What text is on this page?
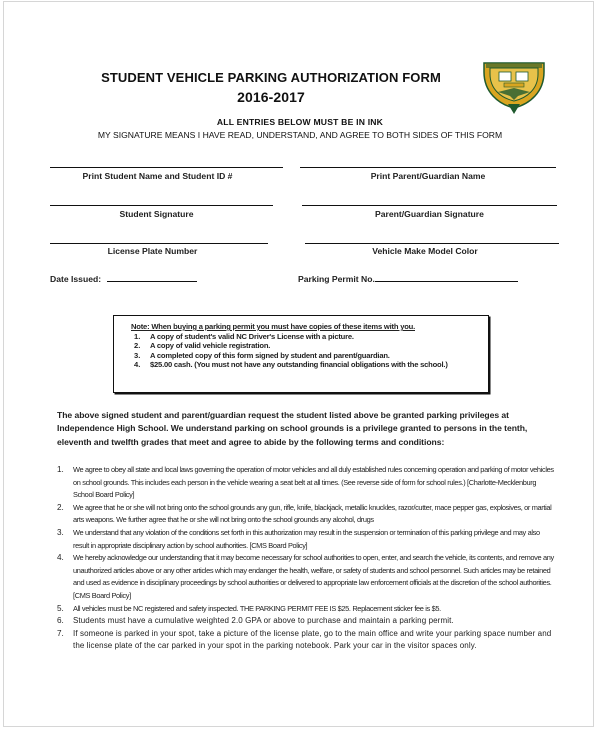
STUDENT VEHICLE PARKING AUTHORIZATION FORM
2016-2017
ALL ENTRIES BELOW MUST BE IN INK
MY SIGNATURE MEANS I HAVE READ, UNDERSTAND, AND AGREE TO BOTH SIDES OF THIS FORM
Print Student Name and Student ID #	Print Parent/Guardian Name
Student Signature	Parent/Guardian Signature
License Plate Number	Vehicle Make Model Color
Date Issued:	Parking Permit No.
Note: When buying a parking permit you must have copies of these items with you.
1.	A copy of student's valid NC Driver's License with a picture.
2.	A copy of valid vehicle registration.
3.	A completed copy of this form signed by student and parent/guardian.
4.	$25.00 cash. (You must not have any outstanding financial obligations with the school.)
The above signed student and parent/guardian request the student listed above be granted parking privileges at Independence High School. We understand parking on school grounds is a privilege granted to persons in the tenth, eleventh and twelfth grades that meet and agree to abide by the following terms and conditions:
1.	We agree to obey all state and local laws governing the operation of motor vehicles and all duly established rules concerning operation and parking of motor vehicles on school grounds. This includes each person in the vehicle wearing a seat belt at all times. (See reverse side of form for school rules.) [Charlotte-Mecklenburg School Board Policy]
2.	We agree that he or she will not bring onto the school grounds any gun, rifle, knife, blackjack, metallic knuckles, razor/cutter, mace pepper gas, explosives, or martial arts weapons. We further agree that he or she will not bring onto the school grounds any alcohol, drugs
3.	We understand that any violation of the conditions set forth in this authorization may result in the suspension or termination of this parking privilege and may also result in appropriate disciplinary action by school authorities. [CMS Board Policy]
4.	We hereby acknowledge our understanding that it may become necessary for school authorities to open, enter, and search the vehicle, its contents, and remove any unauthorized articles above or any other articles which may endanger the health, welfare, or safety of students and school personnel. Such articles may be retained and used as evidence in disciplinary proceedings by school authorities or delivered to appropriate law enforcement officials at the discretion of the school authorities. [CMS Board Policy]
5.	All vehicles must be NC registered and safety inspected. THE PARKING PERMIT FEE IS $25. Replacement sticker fee is $5.
6.	Students must have a cumulative weighted 2.0 GPA or above to purchase and maintain a parking permit.
7.	If someone is parked in your spot, take a picture of the license plate, go to the main office and write your parking space number and the license plate of the car parked in your spot in the parking notebook. Park your car in the visitor spaces only.
